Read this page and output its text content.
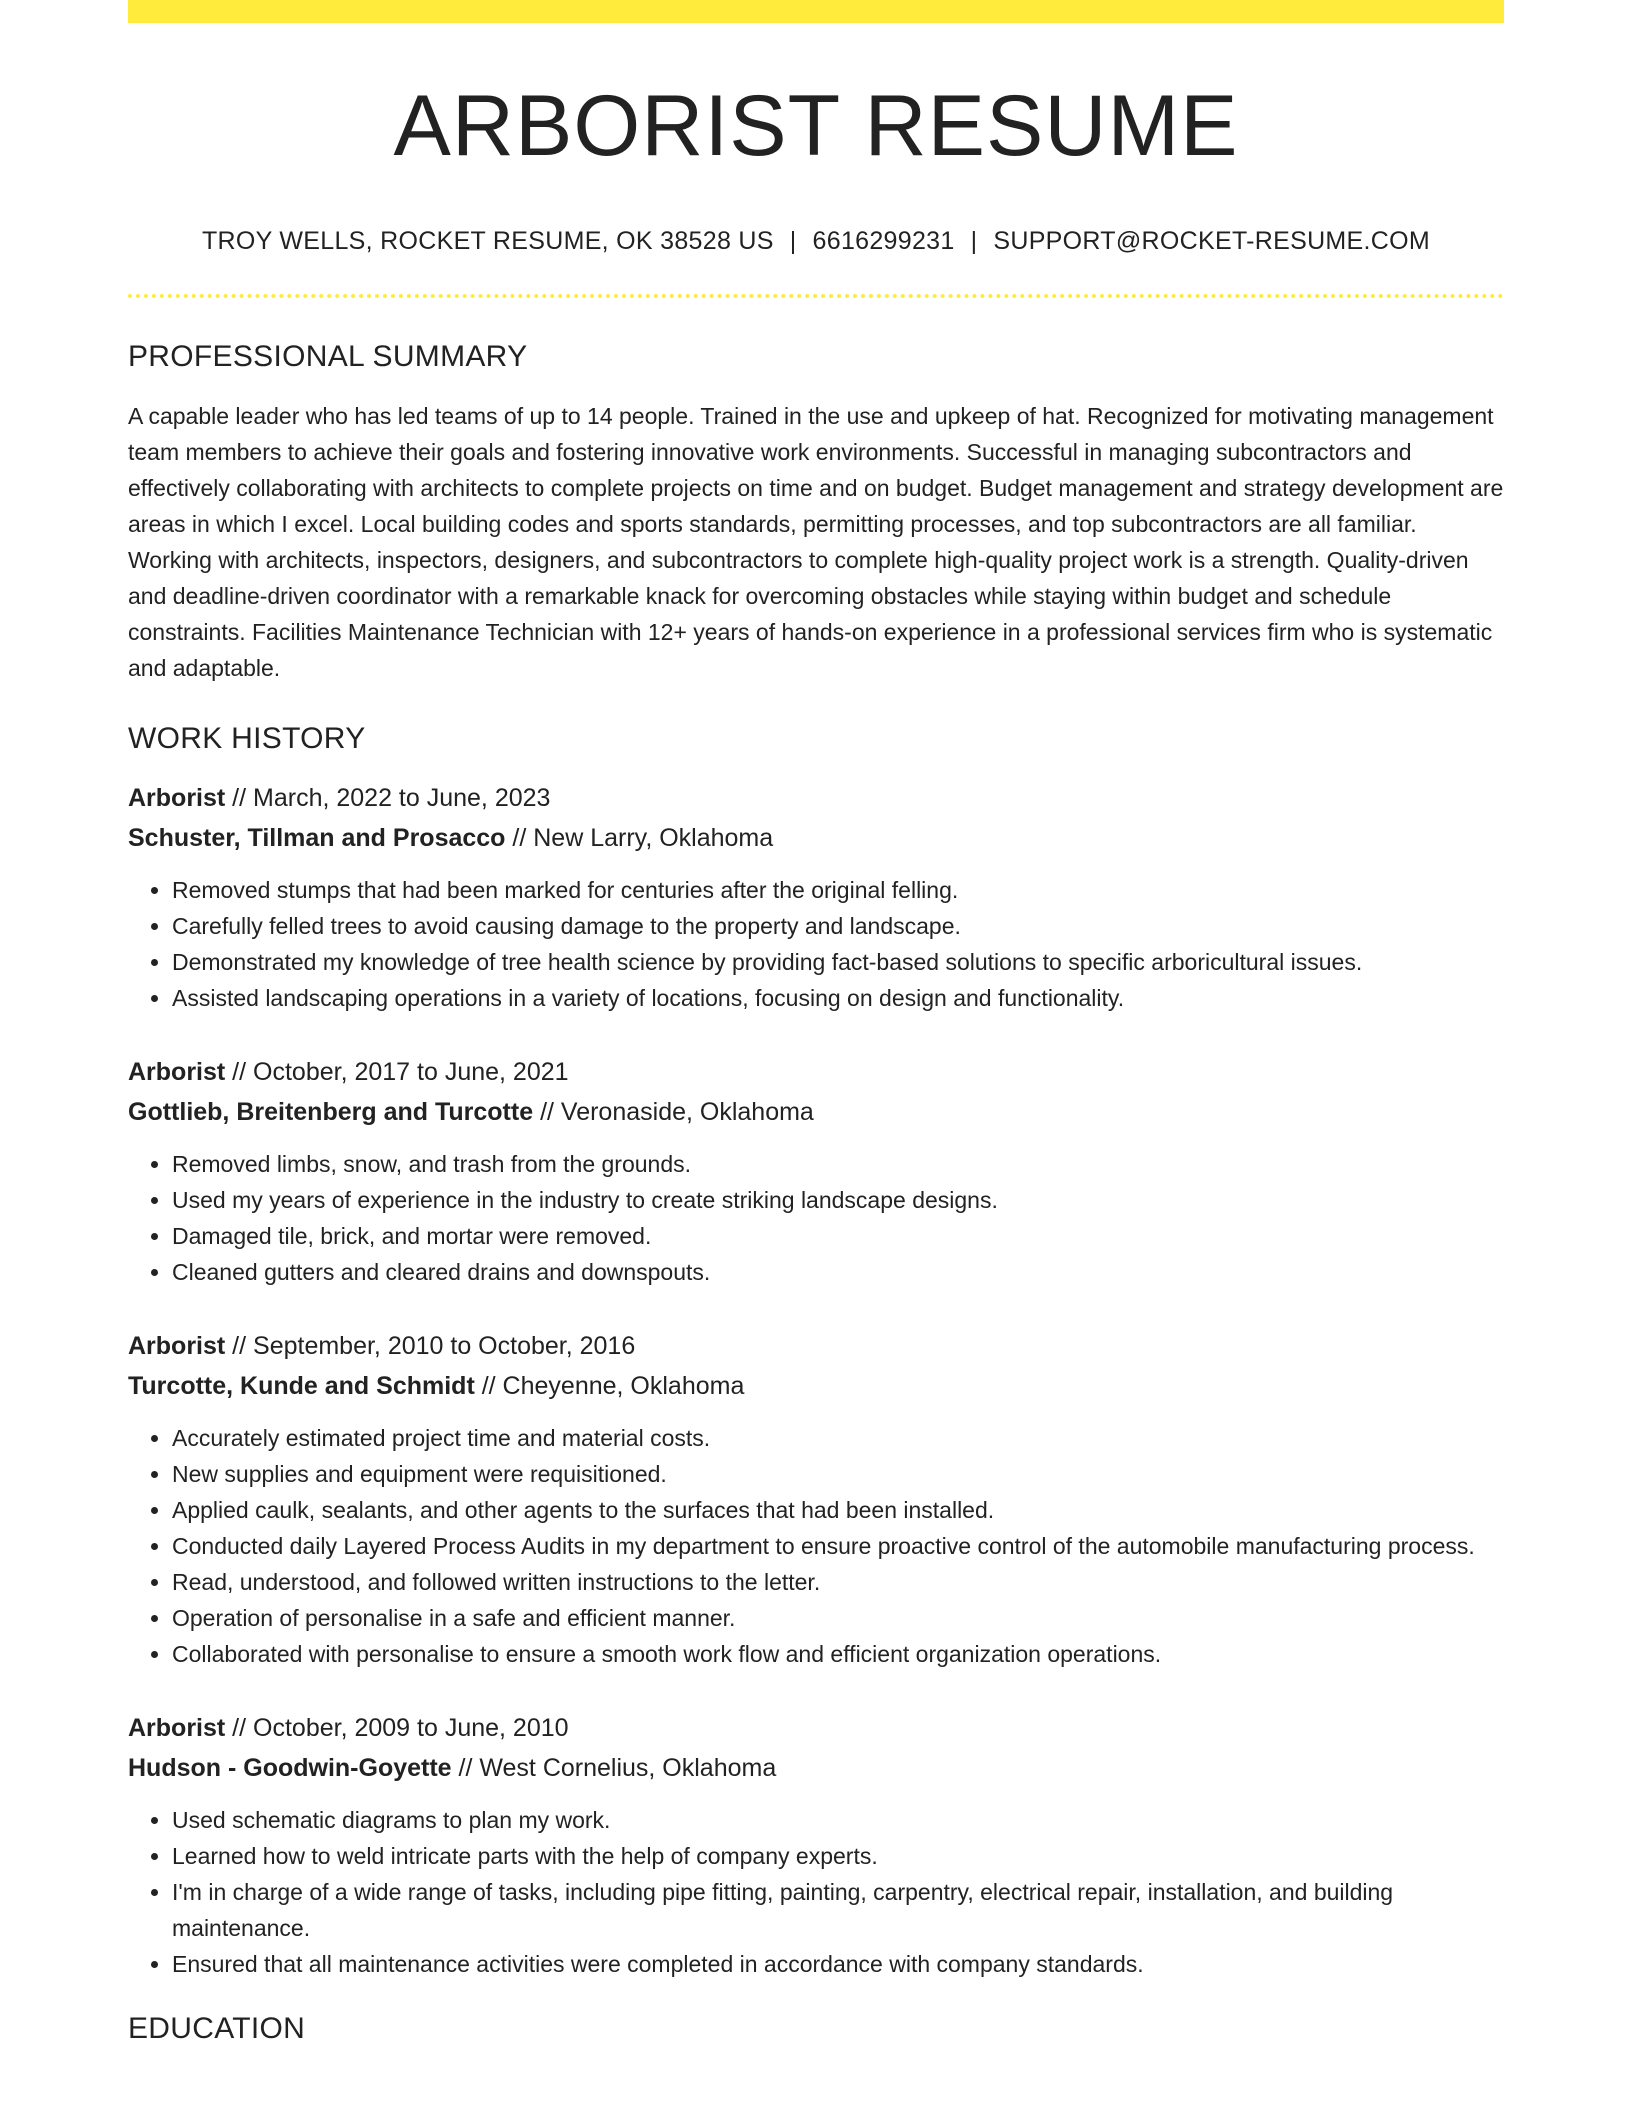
ARBORIST RESUME
TROY WELLS, ROCKET RESUME, OK 38528 US | 6616299231 | SUPPORT@ROCKET-RESUME.COM
PROFESSIONAL SUMMARY

A capable leader who has led teams of up to 14 people. Trained in the use and upkeep of hat. Recognized for motivating management team members to achieve their goals and fostering innovative work environments. Successful in managing subcontractors and effectively collaborating with architects to complete projects on time and on budget. Budget management and strategy development are areas in which I excel. Local building codes and sports standards, permitting processes, and top subcontractors are all familiar. Working with architects, inspectors, designers, and subcontractors to complete high-quality project work is a strength. Quality-driven and deadline-driven coordinator with a remarkable knack for overcoming obstacles while staying within budget and schedule constraints. Facilities Maintenance Technician with 12+ years of hands-on experience in a professional services firm who is systematic and adaptable.

WORK HISTORY
Arborist // March, 2022 to June, 2023
Schuster, Tillman and Prosacco // New Larry, Oklahoma
• Removed stumps that had been marked for centuries after the original felling.
• Carefully felled trees to avoid causing damage to the property and landscape.
• Demonstrated my knowledge of tree health science by providing fact-based solutions to specific arboricultural issues.
• Assisted landscaping operations in a variety of locations, focusing on design and functionality.
Arborist // October, 2017 to June, 2021
Gottlieb, Breitenberg and Turcotte // Veronaside, Oklahoma
• Removed limbs, snow, and trash from the grounds.
• Used my years of experience in the industry to create striking landscape designs.
• Damaged tile, brick, and mortar were removed.
• Cleaned gutters and cleared drains and downspouts.
Arborist // September, 2010 to October, 2016
Turcotte, Kunde and Schmidt // Cheyenne, Oklahoma
• Accurately estimated project time and material costs.
• New supplies and equipment were requisitioned.
• Applied caulk, sealants, and other agents to the surfaces that had been installed.
• Conducted daily Layered Process Audits in my department to ensure proactive control of the automobile manufacturing process.
• Read, understood, and followed written instructions to the letter.
• Operation of personalise in a safe and efficient manner.
• Collaborated with personalise to ensure a smooth work flow and efficient organization operations.
Arborist // October, 2009 to June, 2010
Hudson - Goodwin-Goyette // West Cornelius, Oklahoma
• Used schematic diagrams to plan my work.
• Learned how to weld intricate parts with the help of company experts.
• I'm in charge of a wide range of tasks, including pipe fitting, painting, carpentry, electrical repair, installation, and building maintenance.
• Ensured that all maintenance activities were completed in accordance with company standards.
EDUCATION
